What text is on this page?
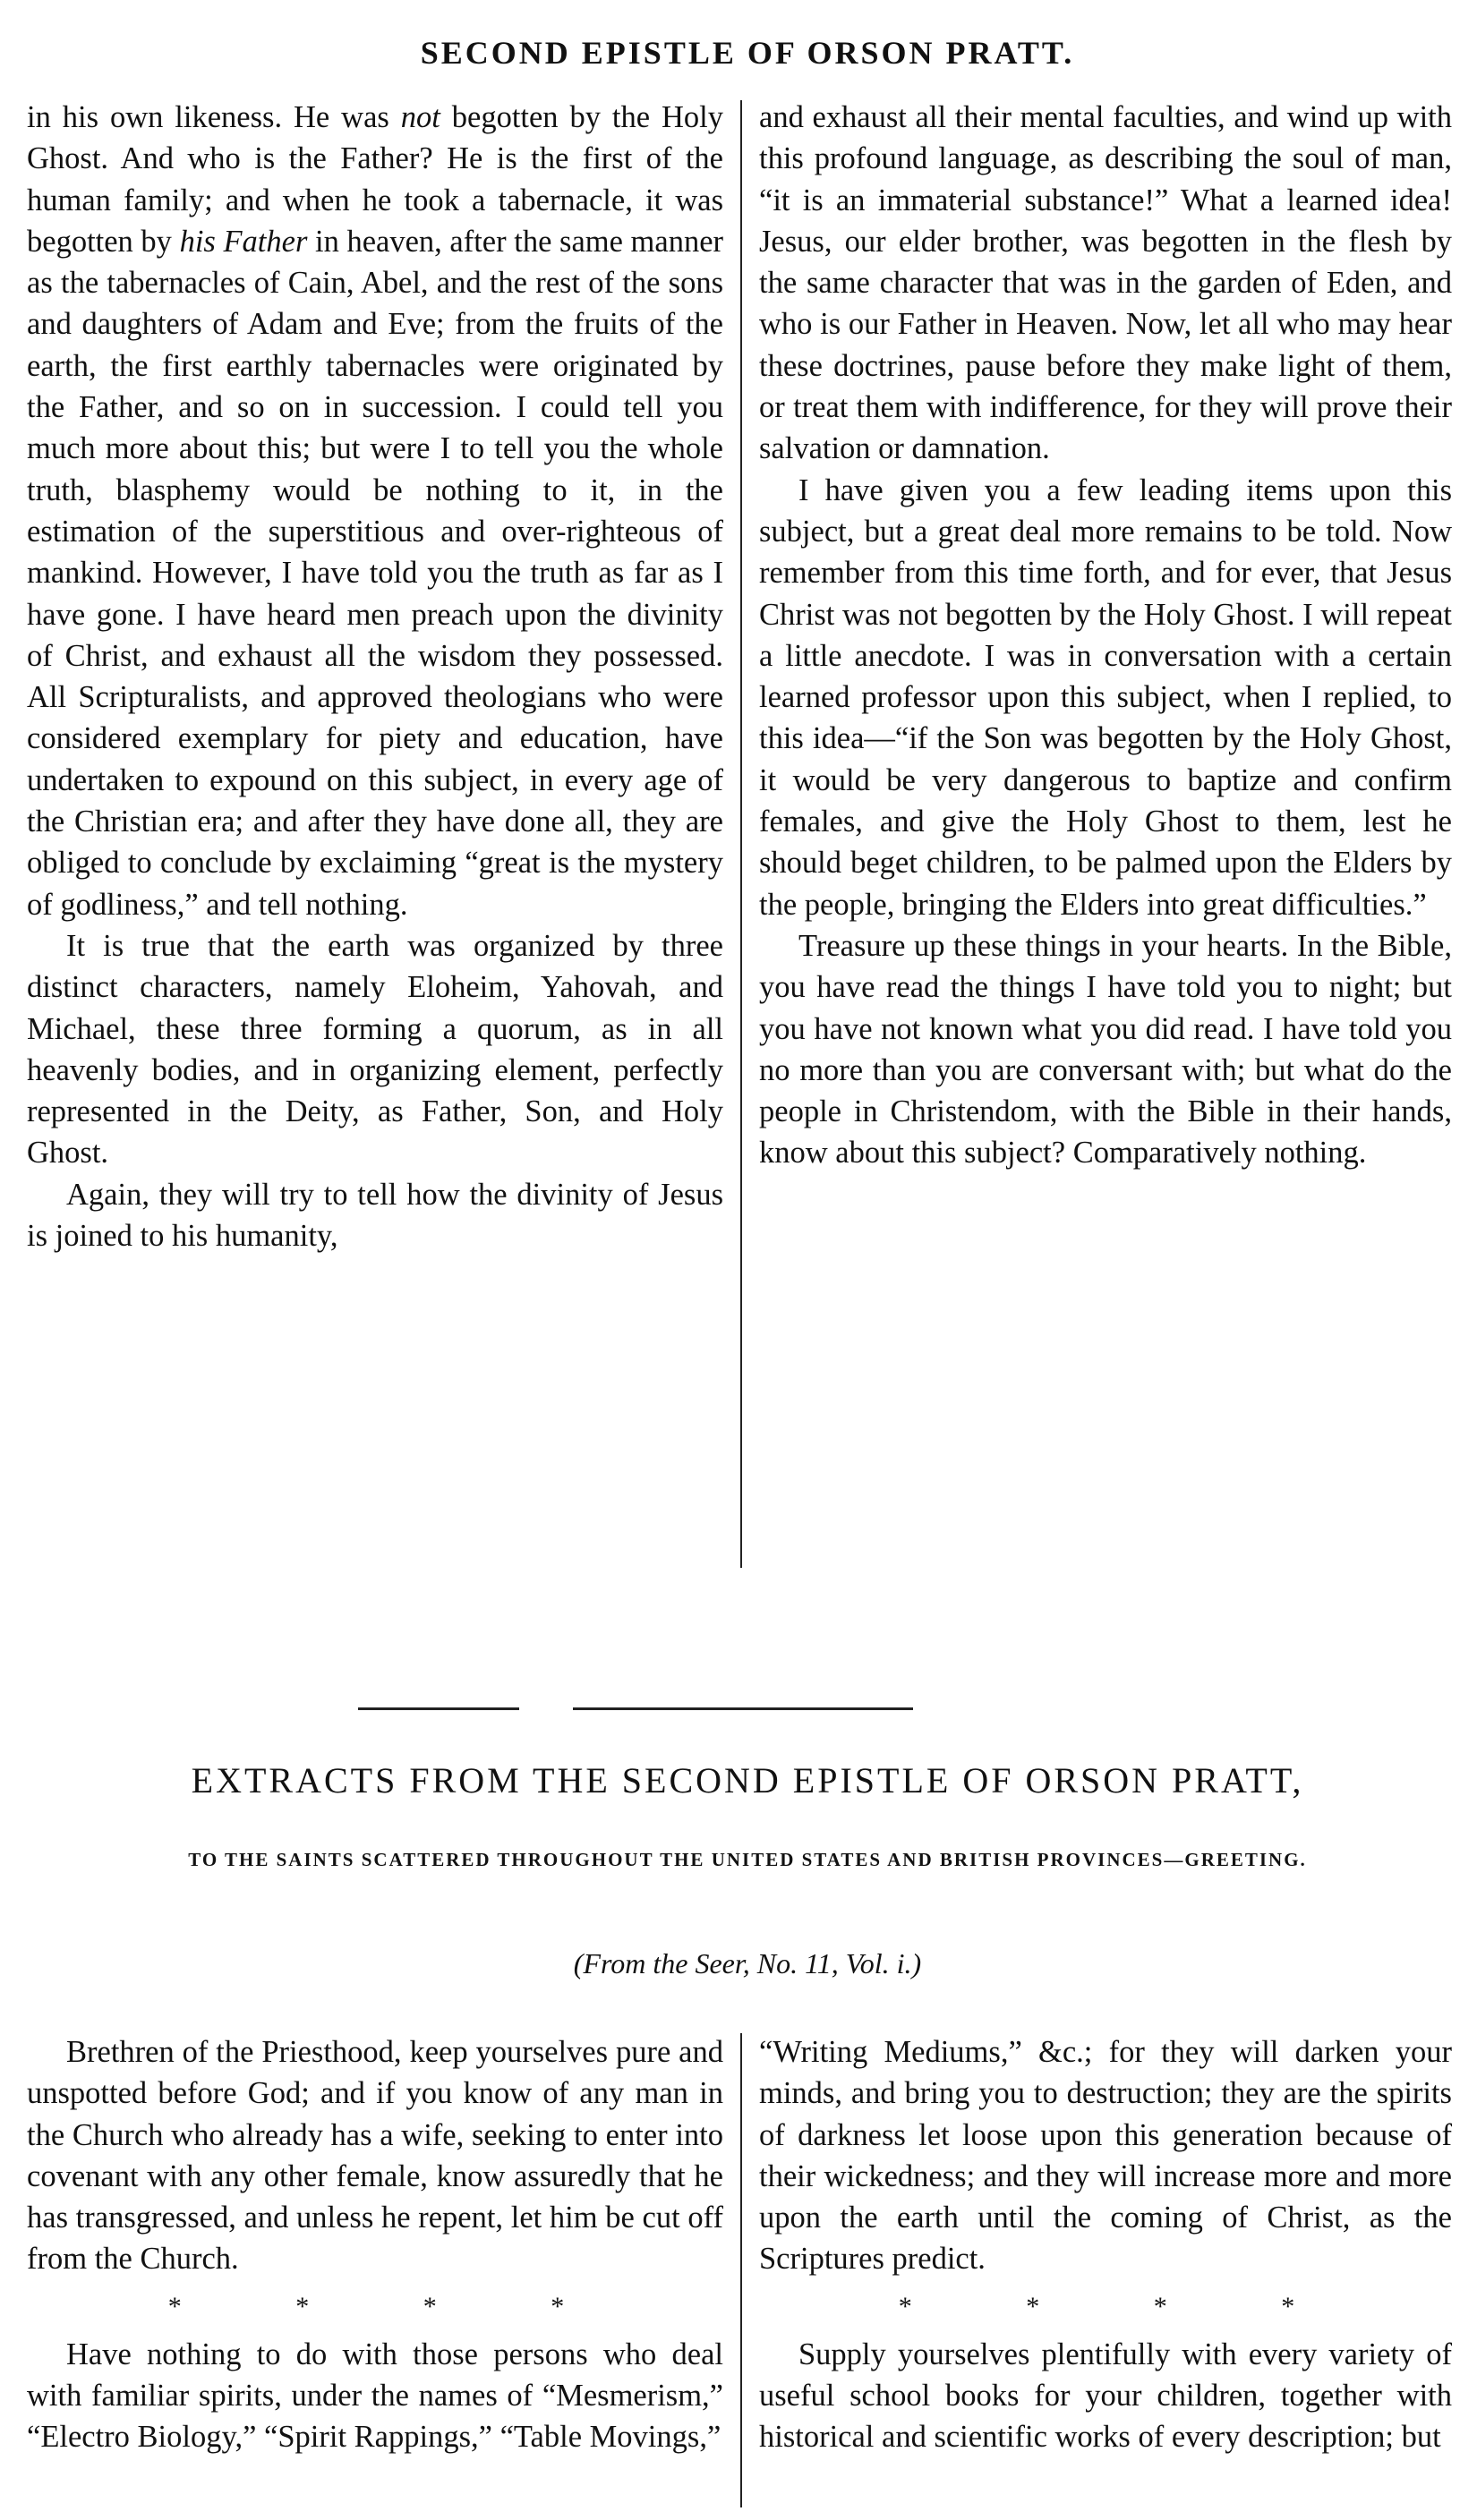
SECOND EPISTLE OF ORSON PRATT.

in his own likeness. He was not begotten by the Holy Ghost. And who is the Father? He is the first of the human family; and when he took a tabernacle, it was begotten by his Father in heaven, after the same manner as the tabernacles of Cain, Abel, and the rest of the sons and daughters of Adam and Eve; from the fruits of the earth, the first earthly tabernacles were originated by the Father, and so on in succession. I could tell you much more about this; but were I to tell you the whole truth, blasphemy would be nothing to it, in the estimation of the superstitious and over-righteous of mankind. However, I have told you the truth as far as I have gone. I have heard men preach upon the divinity of Christ, and exhaust all the wisdom they possessed. All Scripturalists, and approved theologians who were considered exemplary for piety and education, have undertaken to expound on this subject, in every age of the Christian era; and after they have done all, they are obliged to conclude by exclaiming “great is the mystery of godliness,” and tell nothing.

It is true that the earth was organized by three distinct characters, namely Eloheim, Yahovah, and Michael, these three forming a quorum, as in all heavenly bodies, and in organizing element, perfectly represented in the Deity, as Father, Son, and Holy Ghost.

Again, they will try to tell how the divinity of Jesus is joined to his humanity,

and exhaust all their mental faculties, and wind up with this profound language, as describing the soul of man, “it is an immaterial substance!” What a learned idea! Jesus, our elder brother, was begotten in the flesh by the same character that was in the garden of Eden, and who is our Father in Heaven. Now, let all who may hear these doctrines, pause before they make light of them, or treat them with indifference, for they will prove their salvation or damnation.

I have given you a few leading items upon this subject, but a great deal more remains to be told. Now remember from this time forth, and for ever, that Jesus Christ was not begotten by the Holy Ghost. I will repeat a little anecdote. I was in conversation with a certain learned professor upon this subject, when I replied, to this idea—“if the Son was begotten by the Holy Ghost, it would be very dangerous to baptize and confirm females, and give the Holy Ghost to them, lest he should beget children, to be palmed upon the Elders by the people, bringing the Elders into great difficulties.”

Treasure up these things in your hearts. In the Bible, you have read the things I have told you to night; but you have not known what you did read. I have told you no more than you are conversant with; but what do the people in Christendom, with the Bible in their hands, know about this subject? Comparatively nothing.

EXTRACTS FROM THE SECOND EPISTLE OF ORSON PRATT,
TO THE SAINTS SCATTERED THROUGHOUT THE UNITED STATES AND BRITISH PROVINCES—GREETING.
(From the Seer, No. 11, Vol. i.)

Brethren of the Priesthood, keep yourselves pure and unspotted before God; and if you know of any man in the Church who already has a wife, seeking to enter into covenant with any other female, know assuredly that he has transgressed, and unless he repent, let him be cut off from the Church.

* * * *

Have nothing to do with those persons who deal with familiar spirits, under the names of “Mesmerism,” “Electro Biology,” “Spirit Rappings,” “Table Movings,”

“Writing Mediums,” &c.; for they will darken your minds, and bring you to destruction; they are the spirits of darkness let loose upon this generation because of their wickedness; and they will increase more and more upon the earth until the coming of Christ, as the Scriptures predict.

* * * *

Supply yourselves plentifully with every variety of useful school books for your children, together with historical and scientific works of every description; but
